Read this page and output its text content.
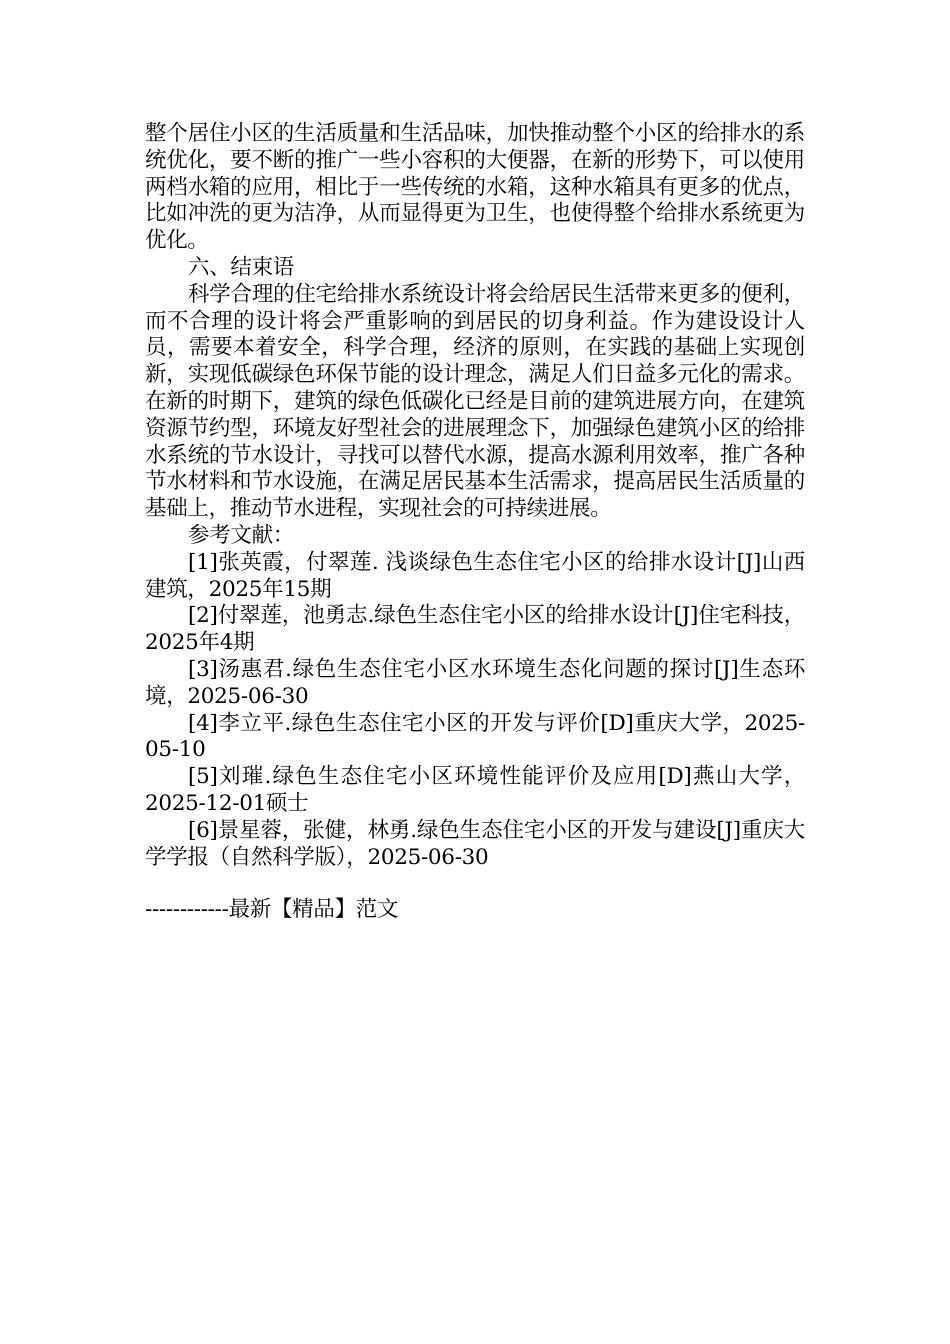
整个居住小区的生活质量和生活品味，加快推动整个小区的给排水的系统优化，要不断的推广一些小容积的大便器，在新的形势下，可以使用两档水箱的应用，相比于一些传统的水箱，这种水箱具有更多的优点，比如冲洗的更为洁净，从而显得更为卫生，也使得整个给排水系统更为优化。

六、结束语

科学合理的住宅给排水系统设计将会给居民生活带来更多的便利，而不合理的设计将会严重影响的到居民的切身利益。作为建设设计人员，需要本着安全，科学合理，经济的原则，在实践的基础上实现创新，实现低碳绿色环保节能的设计理念，满足人们日益多元化的需求。在新的时期下，建筑的绿色低碳化已经是目前的建筑进展方向，在建筑资源节约型，环境友好型社会的进展理念下，加强绿色建筑小区的给排水系统的节水设计，寻找可以替代水源，提高水源利用效率，推广各种节水材料和节水设施，在满足居民基本生活需求，提高居民生活质量的基础上，推动节水进程，实现社会的可持续进展。

参考文献：

[1]张英霞，付翠莲. 浅谈绿色生态住宅小区的给排水设计[J]山西建筑，2025年15期

[2]付翠莲，池勇志.绿色生态住宅小区的给排水设计[J]住宅科技，2025年4期

[3]汤惠君.绿色生态住宅小区水环境生态化问题的探讨[J]生态环境，2025-06-30

[4]李立平.绿色生态住宅小区的开发与评价[D]重庆大学，2025-05-10

[5]刘璀.绿色生态住宅小区环境性能评价及应用[D]燕山大学，2025-12-01硕士

[6]景星蓉，张健，林勇.绿色生态住宅小区的开发与建设[J]重庆大学学报（自然科学版），2025-06-30

------------最新【精品】范文
